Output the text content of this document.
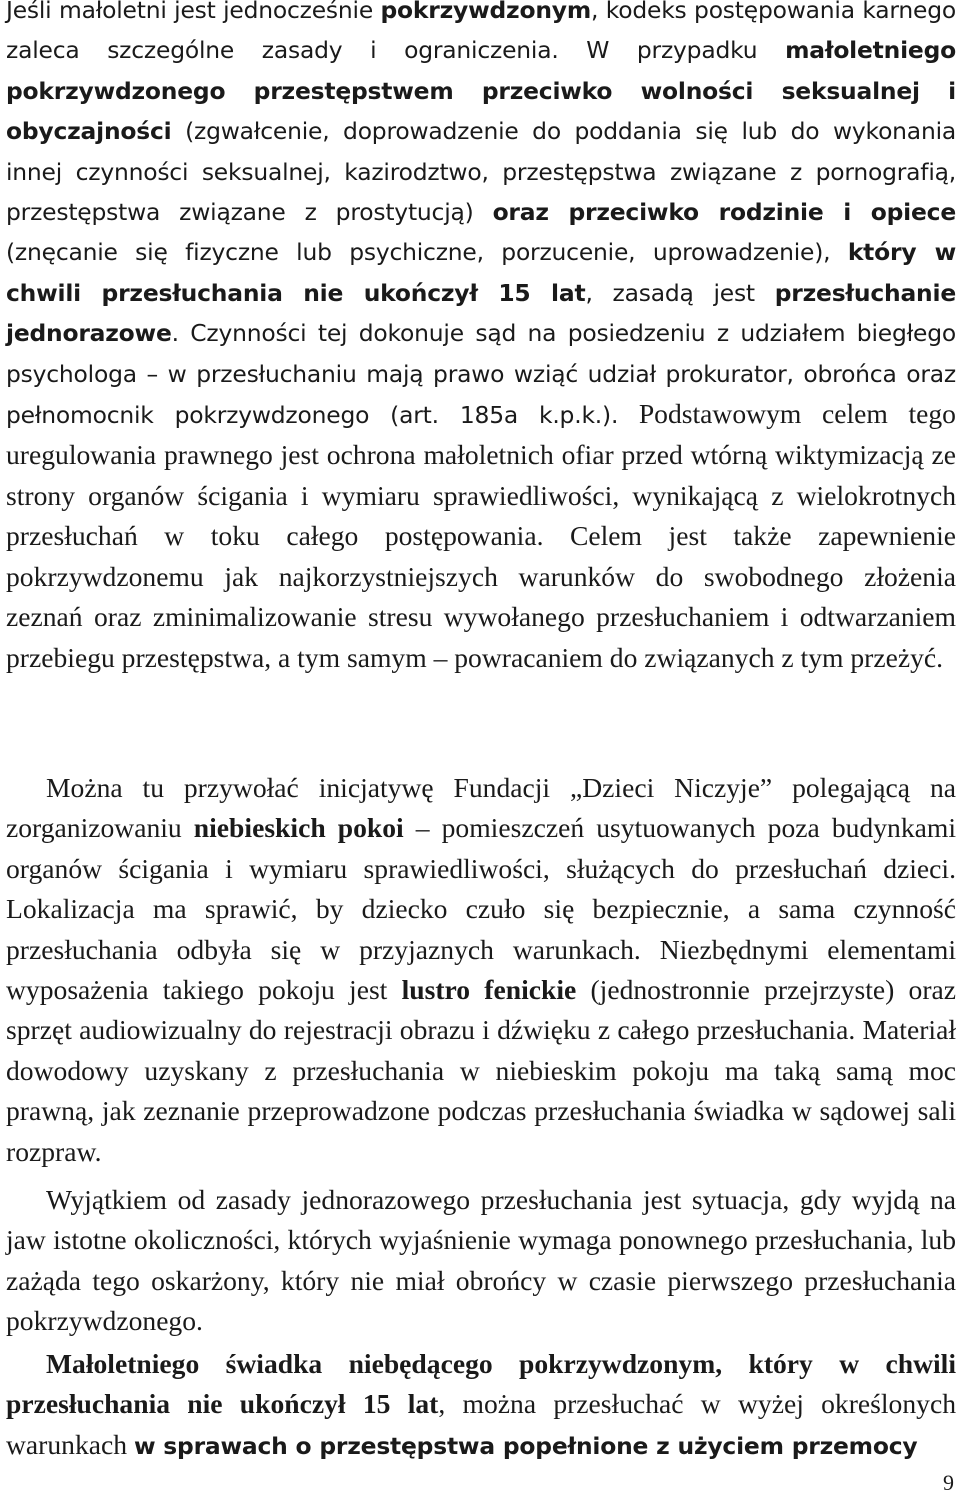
Jeśli małoletni jest jednocześnie pokrzywdzonym, kodeks postępowania karnego zaleca szczególne zasady i ograniczenia. W przypadku małoletniego pokrzywdzonego przestępstwem przeciwko wolności seksualnej i obyczajności (zgwałcenie, doprowadzenie do poddania się lub do wykonania innej czynności seksualnej, kazirodztwo, przestępstwa związane z pornografią, przestępstwa związane z prostytucją) oraz przeciwko rodzinie i opiece (znęcanie się fizyczne lub psychiczne, porzucenie, uprowadzenie), który w chwili przesłuchania nie ukończył 15 lat, zasadą jest przesłuchanie jednorazowe. Czynności tej dokonuje sąd na posiedzeniu z udziałem biegłego psychologa – w przesłuchaniu mają prawo wziąć udział prokurator, obrońca oraz pełnomocnik pokrzywdzonego (art. 185a k.p.k.). Podstawowym celem tego uregulowania prawnego jest ochrona małoletnich ofiar przed wtórną wiktymizacją ze strony organów ścigania i wymiaru sprawiedliwości, wynikającą z wielokrotnych przesłuchań w toku całego postępowania. Celem jest także zapewnienie pokrzywdzonemu jak najkorzystniejszych warunków do swobodnego złożenia zeznań oraz zminimalizowanie stresu wywołanego przesłuchaniem i odtwarzaniem przebiegu przestępstwa, a tym samym – powracaniem do związanych z tym przeżyć.

Można tu przywołać inicjatywę Fundacji „Dzieci Niczyje” polegającą na zorganizowaniu niebieskich pokoi – pomieszczeń usytuowanych poza budynkami organów ścigania i wymiaru sprawiedliwości, służących do przesłuchań dzieci. Lokalizacja ma sprawić, by dziecko czuło się bezpiecznie, a sama czynność przesłuchania odbyła się w przyjaznych warunkach. Niezbędnymi elementami wyposażenia takiego pokoju jest lustro fenickie (jednostronnie przejrzyste) oraz sprzęt audiowizualny do rejestracji obrazu i dźwięku z całego przesłuchania. Materiał dowodowy uzyskany z przesłuchania w niebieskim pokoju ma taką samą moc prawną, jak zeznanie przeprowadzone podczas przesłuchania świadka w sądowej sali rozpraw.

Wyjątkiem od zasady jednorazowego przesłuchania jest sytuacja, gdy wyjdą na jaw istotne okoliczności, których wyjaśnienie wymaga ponownego przesłuchania, lub zażąda tego oskarżony, który nie miał obrońcy w czasie pierwszego przesłuchania pokrzywdzonego.

Małoletniego świadka niebędącego pokrzywdzonym, który w chwili przesłuchania nie ukończył 15 lat, można przesłuchać w wyżej określonych warunkach w sprawach o przestępstwa popełnione z użyciem przemocy

9
